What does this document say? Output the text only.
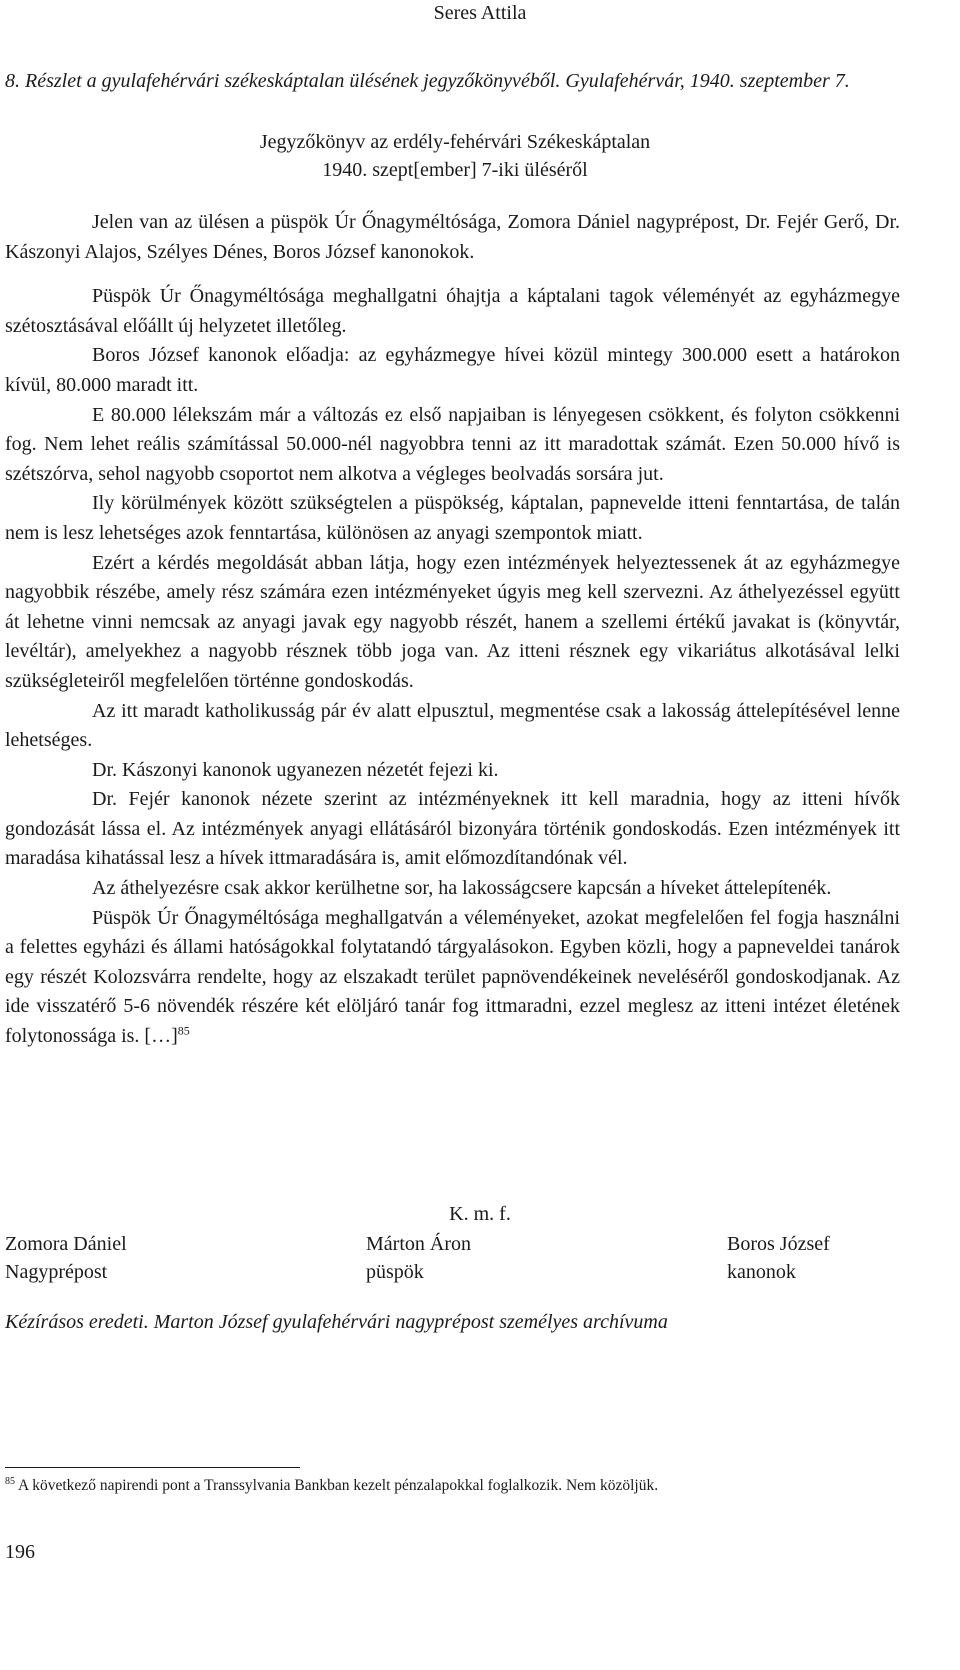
Seres Attila
8. Részlet a gyulafehérvári székeskáptalan ülésének jegyzőkönyvéből. Gyulafehérvár, 1940. szeptember 7.
Jegyzőkönyv az erdély-fehérvári Székeskáptalan
1940. szept[ember] 7-iki üléséről

Jelen van az ülésen a püspök Úr Őnagyméltósága, Zomora Dániel nagyprépost, Dr. Fejér Gerő, Dr. Kászonyi Alajos, Szélyes Dénes, Boros József kanonokok.

Püspök Úr Őnagyméltósága meghallgatni óhajtja a káptalani tagok véleményét az egyházmegye szétosztásával előállt új helyzetet illetőleg.

Boros József kanonok előadja: az egyházmegye hívei közül mintegy 300.000 esett a határokon kívül, 80.000 maradt itt.

E 80.000 lélekszám már a változás ez első napjaiban is lényegesen csökkent, és folyton csökkenni fog. Nem lehet reális számítással 50.000-nél nagyobbra tenni az itt maradottak számát. Ezen 50.000 hívő is szétszórva, sehol nagyobb csoportot nem alkotva a végleges beolvadás sorsára jut.

Ily körülmények között szükségtelen a püspökség, káptalan, papnevelde itteni fenntartása, de talán nem is lesz lehetséges azok fenntartása, különösen az anyagi szempontok miatt.

Ezért a kérdés megoldását abban látja, hogy ezen intézmények helyeztessenek át az egyházmegye nagyobbik részébe, amely rész számára ezen intézményeket úgyis meg kell szervezni. Az áthelyezéssel együtt át lehetne vinni nemcsak az anyagi javak egy nagyobb részét, hanem a szellemi értékű javakat is (könyvtár, levéltár), amelyekhez a nagyobb résznek több joga van. Az itteni résznek egy vikariátus alkotásával lelki szükségleteiről megfelelően történne gondoskodás.

Az itt maradt katholikusság pár év alatt elpusztul, megmentése csak a lakosság áttelepítésével lenne lehetséges.

Dr. Kászonyi kanonok ugyanezen nézetét fejezi ki.

Dr. Fejér kanonok nézete szerint az intézményeknek itt kell maradnia, hogy az itteni hívők gondozását lássa el. Az intézmények anyagi ellátásáról bizonyára történik gondoskodás. Ezen intézmények itt maradása kihatással lesz a hívek ittmaradására is, amit előmozdítandónak vél.

Az áthelyezésre csak akkor kerülhetne sor, ha lakosságcsere kapcsán a híveket áttelepítenék.

Püspök Úr Őnagyméltósága meghallgatván a véleményeket, azokat megfelelően fel fogja használni a felettes egyházi és állami hatóságokkal folytatandó tárgyalásokon. Egyben közli, hogy a papneveldei tanárok egy részét Kolozsvárra rendelte, hogy az elszakadt terület papnövendékeinek neveléséről gondoskodjanak. Az ide visszatérő 5-6 növendék részére két elöljáró tanár fog ittmaradni, ezzel meglesz az itteni intézet életének folytonossága is. […]$^{85}$

K. m. f.
Zomora Dániel
Nagyprépost
Márton Áron
püspök
Boros József
kanonok
Kézírásos eredeti. Marton József gyulafehérvári nagyprépost személyes archívuma
$^{85}$ A következő napirendi pont a Transsylvania Bankban kezelt pénzalapokkal foglalkozik. Nem közöljük.
196
